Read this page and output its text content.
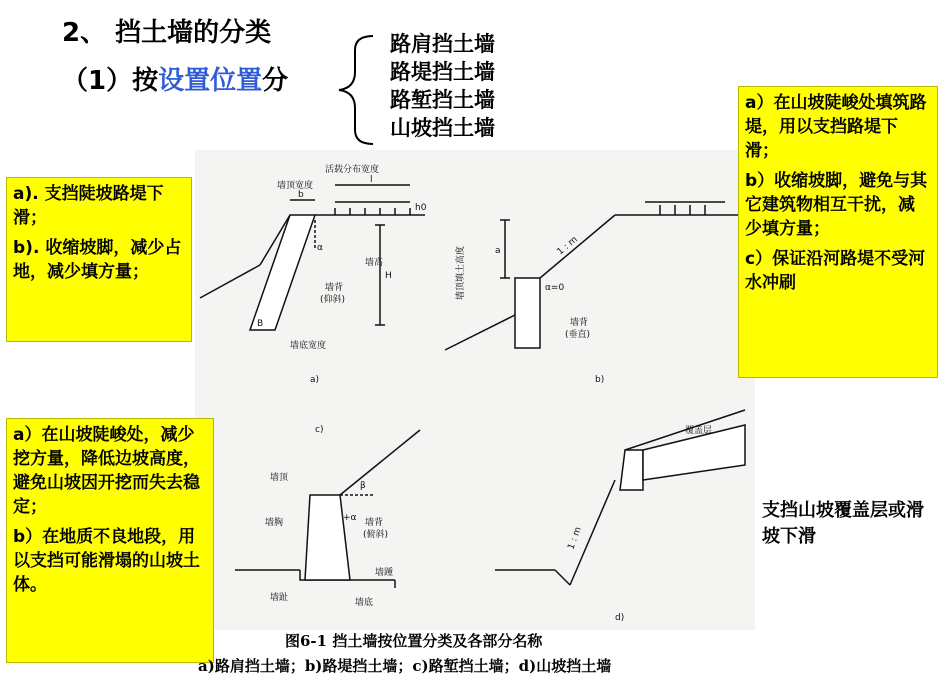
2、 挡土墙的分类
（1）按设置位置分
路肩挡土墙
路堤挡土墙
路堑挡土墙
山坡挡土墙
活载分布宽度
墙顶宽度
b
l
h0
α
墙高
H
墙背
(仰斜)
B
墙底宽度
a)
墙顶填土高度	a	1 : m
α=0
墙背
(垂直)
b)
c)
墙顶
β
+α
墙胸	墙背
(俯斜)
墙踵
墙趾	墙底
覆盖层
1 : m
d)

a). 支挡陡坡路堤下滑；

b). 收缩坡脚，减少占地，减少填方量；

a）在山坡陡峻处填筑路堤，用以支挡路堤下滑；

b）收缩坡脚，避免与其它建筑物相互干扰，减少填方量；

c）保证沿河路堤不受河水冲刷

a）在山坡陡峻处，减少挖方量，降低边坡高度，避免山坡因开挖而失去稳定；

b）在地质不良地段，用以支挡可能滑塌的山坡土体。

支挡山坡覆盖层或滑坡下滑
图6-1 挡土墙按位置分类及各部分名称
a)路肩挡土墙；b)路堤挡土墙；c)路堑挡土墙；d)山坡挡土墙
